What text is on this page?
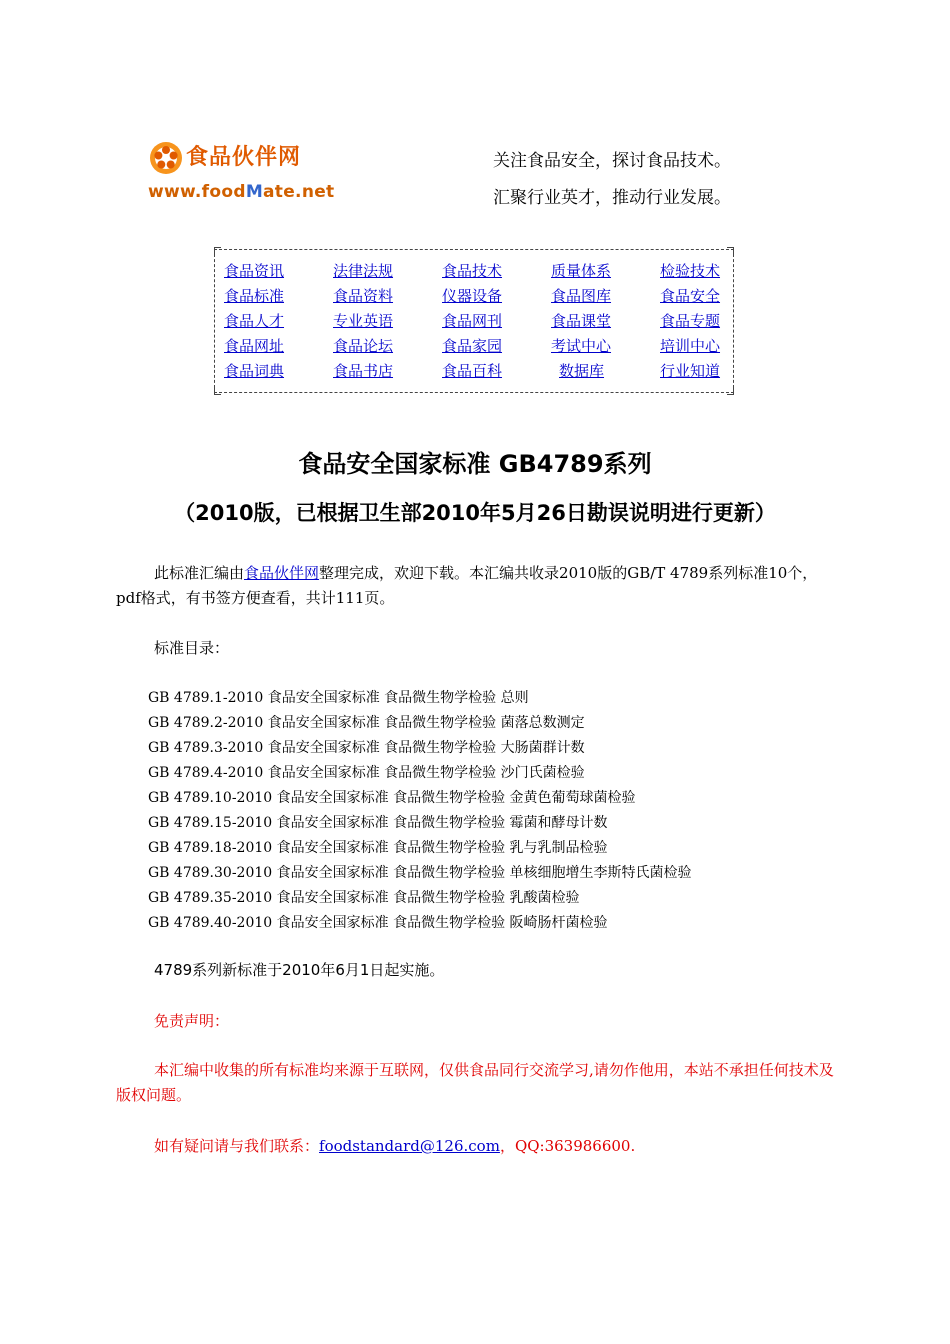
食品伙伴网
www.foodMate.net
关注食品安全，探讨食品技术。
汇聚行业英才，推动行业发展。
食品资讯	法律法规	食品技术	质量体系	检验技术
食品标准	食品资料	仪器设备	食品图库	食品安全
食品人才	专业英语	食品网刊	食品课堂	食品专题
食品网址	食品论坛	食品家园	考试中心	培训中心
食品词典	食品书店	食品百科	数据库	行业知道
食品安全国家标准 GB4789系列
（2010版，已根据卫生部2010年5月26日勘误说明进行更新）
此标准汇编由食品伙伴网整理完成，欢迎下载。本汇编共收录2010版的GB/T 4789系列标准10个，pdf格式，有书签方便查看，共计111页。
标准目录：
GB 4789.1-2010 食品安全国家标准 食品微生物学检验 总则
GB 4789.2-2010 食品安全国家标准 食品微生物学检验 菌落总数测定
GB 4789.3-2010 食品安全国家标准 食品微生物学检验 大肠菌群计数
GB 4789.4-2010 食品安全国家标准 食品微生物学检验 沙门氏菌检验
GB 4789.10-2010 食品安全国家标准 食品微生物学检验 金黄色葡萄球菌检验
GB 4789.15-2010 食品安全国家标准 食品微生物学检验 霉菌和酵母计数
GB 4789.18-2010 食品安全国家标准 食品微生物学检验 乳与乳制品检验
GB 4789.30-2010 食品安全国家标准 食品微生物学检验 单核细胞增生李斯特氏菌检验
GB 4789.35-2010 食品安全国家标准 食品微生物学检验 乳酸菌检验
GB 4789.40-2010 食品安全国家标准 食品微生物学检验 阪崎肠杆菌检验
4789系列新标准于2010年6月1日起实施。
免责声明：
本汇编中收集的所有标准均来源于互联网，仅供食品同行交流学习,请勿作他用，本站不承担任何技术及版权问题。
如有疑问请与我们联系：foodstandard@126.com，QQ:363986600.
